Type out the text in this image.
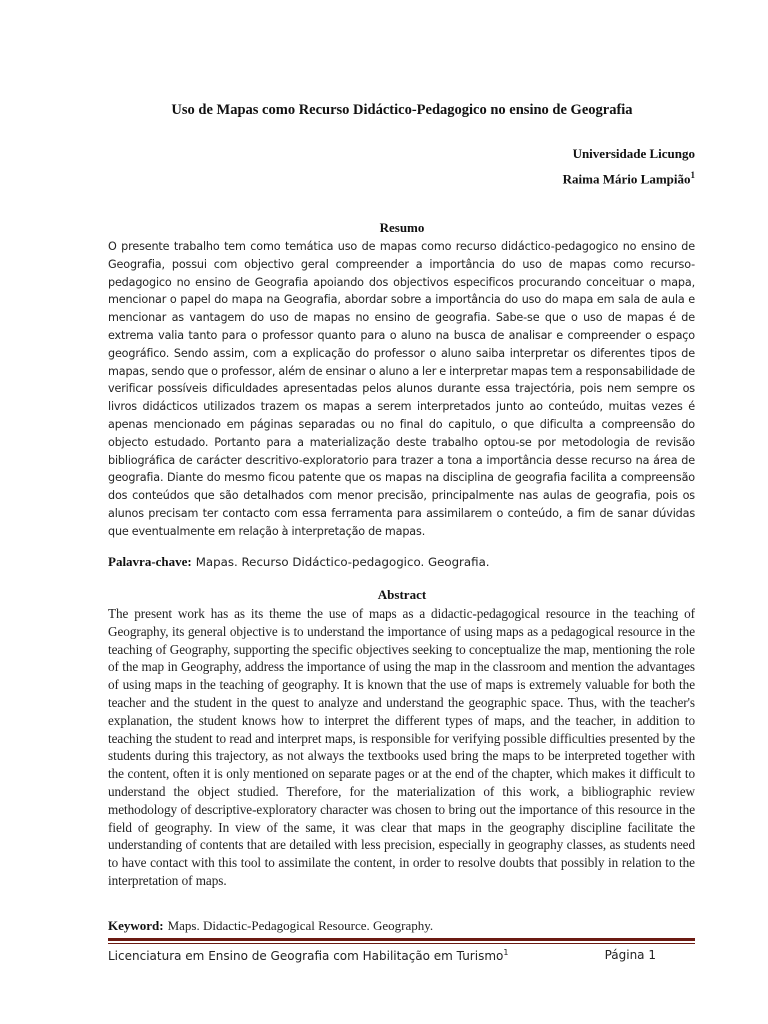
Uso de Mapas como Recurso Didáctico-Pedagogico no ensino de Geografia
Universidade Licungo
Raima Mário Lampião$^1$
Resumo
O presente trabalho tem como temática uso de mapas como recurso didáctico-pedagogico no ensino de Geografia, possui com objectivo geral compreender a importância do uso de mapas como recurso-pedagogico no ensino de Geografia apoiando dos objectivos especificos procurando conceituar o mapa, mencionar o papel do mapa na Geografia, abordar sobre a importância do uso do mapa em sala de aula e mencionar as vantagem do uso de mapas no ensino de geografia. Sabe-se que o uso de mapas é de extrema valia tanto para o professor quanto para o aluno na busca de analisar e compreender o espaço geográfico. Sendo assim, com a explicação do professor o aluno saiba interpretar os diferentes tipos de mapas, sendo que o professor, além de ensinar o aluno a ler e interpretar mapas tem a responsabilidade de verificar possíveis dificuldades apresentadas pelos alunos durante essa trajectória, pois nem sempre os livros didácticos utilizados trazem os mapas a serem interpretados junto ao conteúdo, muitas vezes é apenas mencionado em páginas separadas ou no final do capitulo, o que dificulta a compreensão do objecto estudado. Portanto para a materialização deste trabalho optou-se por metodologia de revisão bibliográfica de carácter descritivo-exploratorio para trazer a tona a importância desse recurso na área de geografia. Diante do mesmo ficou patente que os mapas na disciplina de geografia facilita a compreensão dos conteúdos que são detalhados com menor precisão, principalmente nas aulas de geografia, pois os alunos precisam ter contacto com essa ferramenta para assimilarem o conteúdo, a fim de sanar dúvidas que eventualmente em relação à interpretação de mapas.
Palavra-chave: Mapas. Recurso Didáctico-pedagogico. Geografia.
Abstract
The present work has as its theme the use of maps as a didactic-pedagogical resource in the teaching of Geography, its general objective is to understand the importance of using maps as a pedagogical resource in the teaching of Geography, supporting the specific objectives seeking to conceptualize the map, mentioning the role of the map in Geography, address the importance of using the map in the classroom and mention the advantages of using maps in the teaching of geography. It is known that the use of maps is extremely valuable for both the teacher and the student in the quest to analyze and understand the geographic space. Thus, with the teacher's explanation, the student knows how to interpret the different types of maps, and the teacher, in addition to teaching the student to read and interpret maps, is responsible for verifying possible difficulties presented by the students during this trajectory, as not always the textbooks used bring the maps to be interpreted together with the content, often it is only mentioned on separate pages or at the end of the chapter, which makes it difficult to understand the object studied. Therefore, for the materialization of this work, a bibliographic review methodology of descriptive-exploratory character was chosen to bring out the importance of this resource in the field of geography. In view of the same, it was clear that maps in the geography discipline facilitate the understanding of contents that are detailed with less precision, especially in geography classes, as students need to have contact with this tool to assimilate the content, in order to resolve doubts that possibly in relation to the interpretation of maps.
Keyword: Maps. Didactic-Pedagogical Resource. Geography.
Licenciatura em Ensino de Geografia com Habilitação em Turismo$^1$	Página 1
